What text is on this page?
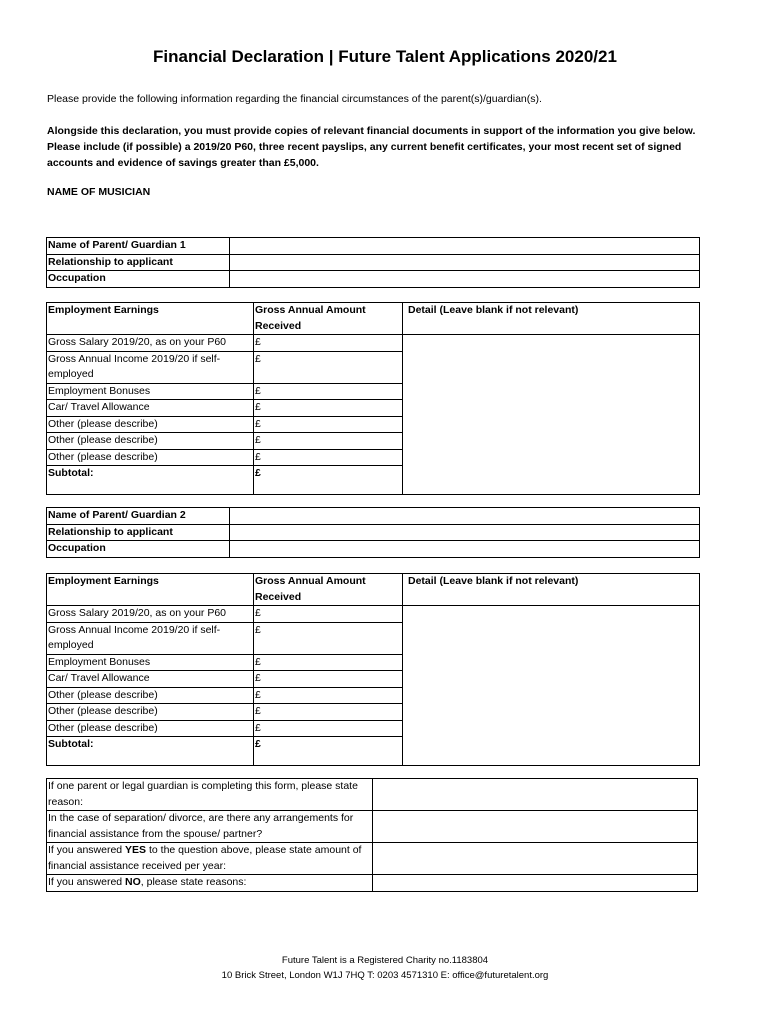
Financial Declaration | Future Talent Applications 2020/21
Please provide the following information regarding the financial circumstances of the parent(s)/guardian(s).
Alongside this declaration, you must provide copies of relevant financial documents in support of the information you give below. Please include (if possible) a 2019/20 P60, three recent payslips, any current benefit certificates, your most recent set of signed accounts and evidence of savings greater than £5,000.
NAME OF MUSICIAN
Name of Parent/ Guardian 1	
Relationship to applicant	
Occupation	
Employment Earnings	Gross Annual Amount Received	Detail (Leave blank if not relevant)
Gross Salary 2019/20, as on your P60	£	
Gross Annual Income 2019/20 if self-employed	£	
Employment Bonuses	£	
Car/ Travel Allowance	£	
Other (please describe)	£	
Other (please describe)	£	
Other (please describe)	£	
Subtotal:	£	
Name of Parent/ Guardian 2	
Relationship to applicant	
Occupation	
Employment Earnings	Gross Annual Amount Received	Detail (Leave blank if not relevant)
Gross Salary 2019/20, as on your P60	£	
Gross Annual Income 2019/20 if self-employed	£	
Employment Bonuses	£	
Car/ Travel Allowance	£	
Other (please describe)	£	
Other (please describe)	£	
Other (please describe)	£	
Subtotal:	£	
If one parent or legal guardian is completing this form, please state reason:	
In the case of separation/ divorce, are there any arrangements for financial assistance from the spouse/ partner?	
If you answered YES to the question above, please state amount of financial assistance received per year:	
If you answered NO, please state reasons:	
Future Talent is a Registered Charity no.1183804
10 Brick Street, London W1J 7HQ T: 0203 4571310 E: office@futuretalent.org
